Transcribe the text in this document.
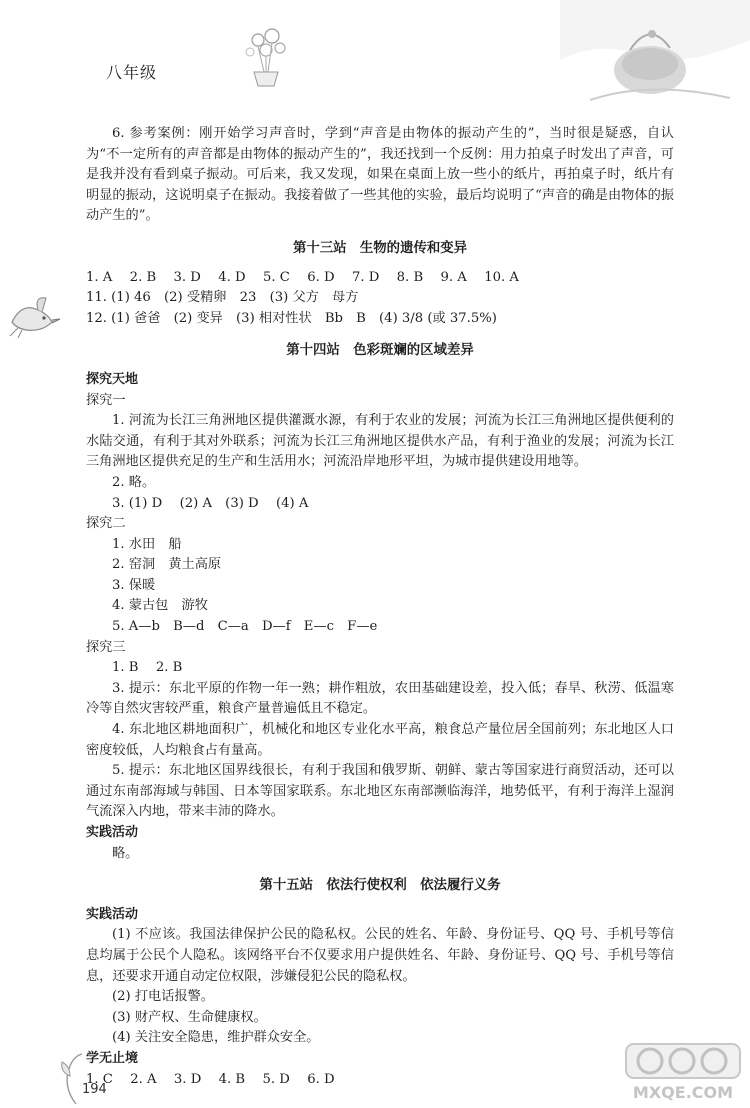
八年级

6. 参考案例：刚开始学习声音时，学到“声音是由物体的振动产生的”，当时很是疑惑，自认为“不一定所有的声音都是由物体的振动产生的”，我还找到一个反例：用力拍桌子时发出了声音，可是我并没有看到桌子振动。可后来，我又发现，如果在桌面上放一些小的纸片，再拍桌子时，纸片有明显的振动，这说明桌子在振动。我接着做了一些其他的实验，最后均说明了“声音的确是由物体的振动产生的”。

第十三站　生物的遗传和变异

1. A　 2. B　 3. D　 4. D　 5. C　 6. D　 7. D　 8. B　 9. A　 10. A

11. (1) 46　(2) 受精卵　23　(3) 父方　母方

12. (1) 爸爸　(2) 变异　(3) 相对性状　Bb　B　(4) 3/8 (或 37.5%)

第十四站　色彩斑斓的区域差异

探究天地

探究一

1. 河流为长江三角洲地区提供灌溉水源，有利于农业的发展；河流为长江三角洲地区提供便利的水陆交通，有利于其对外联系；河流为长江三角洲地区提供水产品，有利于渔业的发展；河流为长江三角洲地区提供充足的生产和生活用水；河流沿岸地形平坦，为城市提供建设用地等。

2. 略。

3. (1) D　 (2) A　(3) D　 (4) A

探究二

1. 水田　船

2. 窑洞　黄土高原

3. 保暖

4. 蒙古包　游牧

5. A—b　B—d　C—a　D—f　E—c　F—e

探究三

1. B　 2. B

3. 提示：东北平原的作物一年一熟；耕作粗放，农田基础建设差，投入低；春旱、秋涝、低温寒冷等自然灾害较严重，粮食产量普遍低且不稳定。

4. 东北地区耕地面积广，机械化和地区专业化水平高，粮食总产量位居全国前列；东北地区人口密度较低，人均粮食占有量高。

5. 提示：东北地区国界线很长，有利于我国和俄罗斯、朝鲜、蒙古等国家进行商贸活动，还可以通过东南部海域与韩国、日本等国家联系。东北地区东南部濒临海洋，地势低平，有利于海洋上湿润气流深入内地，带来丰沛的降水。

实践活动

略。

第十五站　依法行使权利　依法履行义务

实践活动

(1) 不应该。我国法律保护公民的隐私权。公民的姓名、年龄、身份证号、QQ 号、手机号等信息均属于公民个人隐私。该网络平台不仅要求用户提供姓名、年龄、身份证号、QQ 号、手机号等信息，还要求开通自动定位权限，涉嫌侵犯公民的隐私权。

(2) 打电话报警。

(3) 财产权、生命健康权。

(4) 关注安全隐患，维护群众安全。

学无止境

1. C　 2. A　 3. D　 4. B　 5. D　 6. D

194	MXQE.COM
